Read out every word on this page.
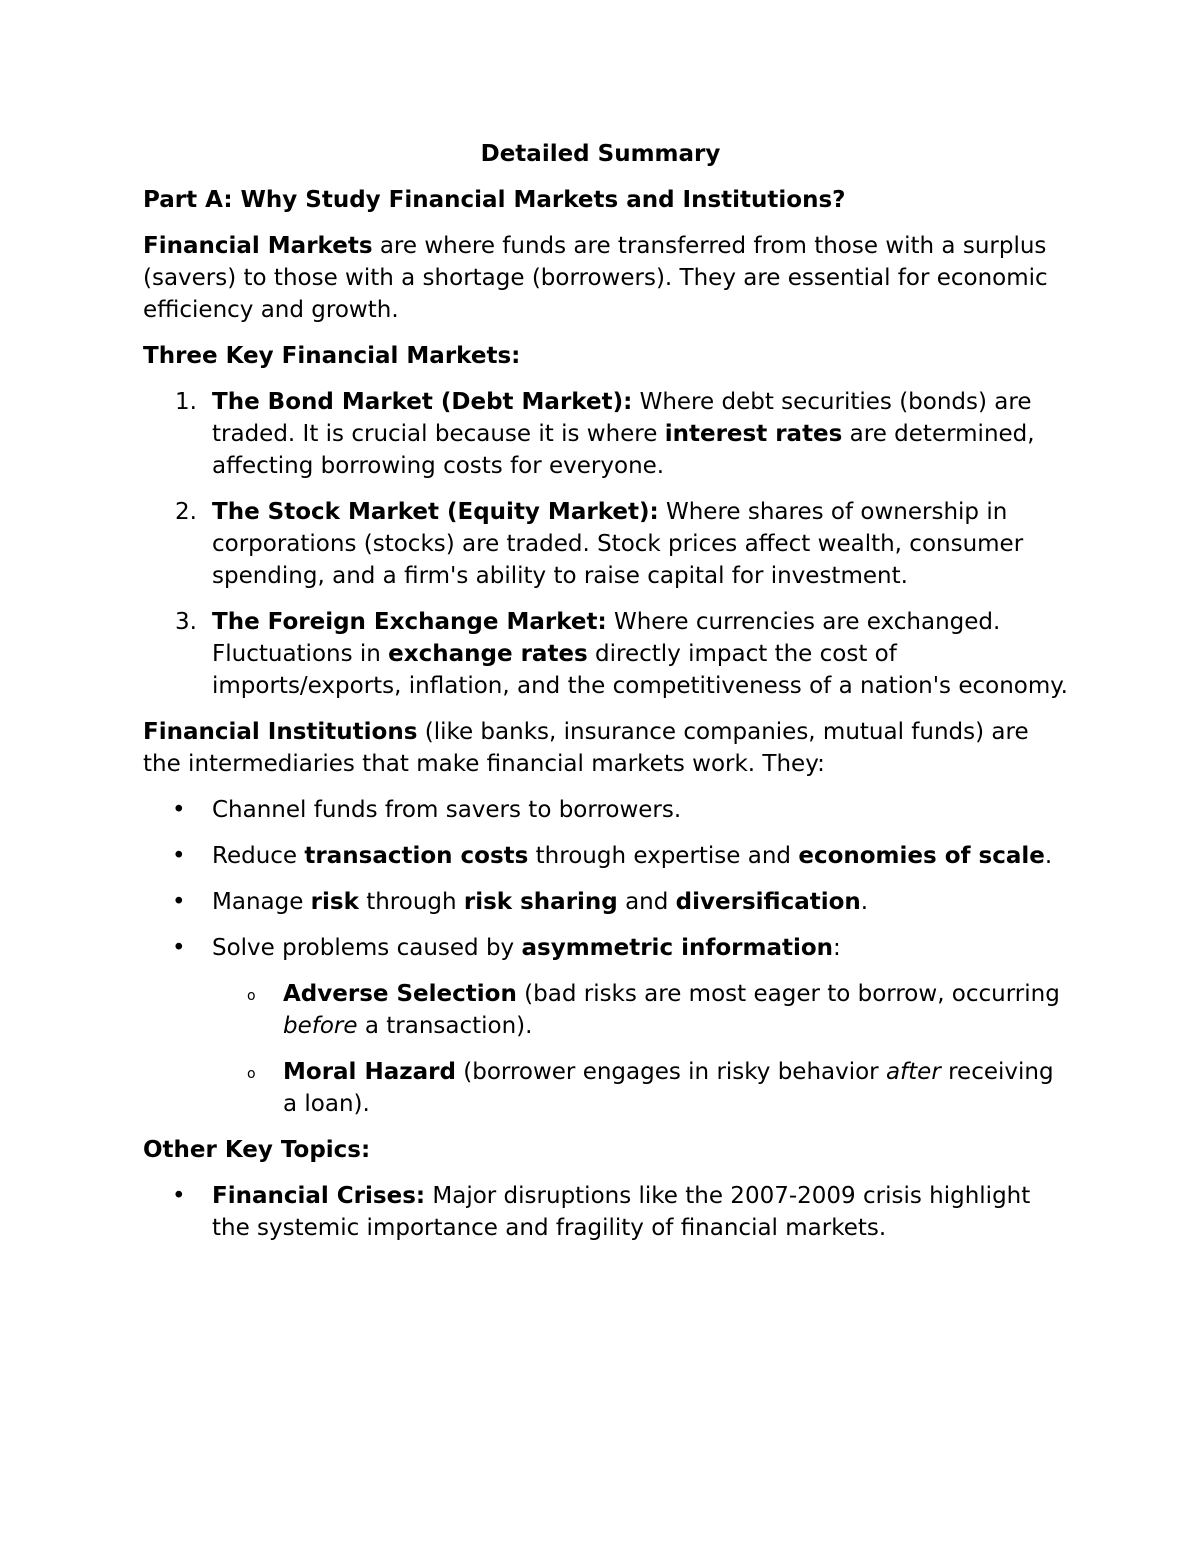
Detailed Summary
Part A: Why Study Financial Markets and Institutions?

Financial Markets are where funds are transferred from those with a surplus (savers) to those with a shortage (borrowers). They are essential for economic efficiency and growth.

Three Key Financial Markets:
1. The Bond Market (Debt Market): Where debt securities (bonds) are traded. It is crucial because it is where interest rates are determined, affecting borrowing costs for everyone.
2. The Stock Market (Equity Market): Where shares of ownership in corporations (stocks) are traded. Stock prices affect wealth, consumer spending, and a firm's ability to raise capital for investment.
3. The Foreign Exchange Market: Where currencies are exchanged. Fluctuations in exchange rates directly impact the cost of imports/exports, inflation, and the competitiveness of a nation's economy.

Financial Institutions (like banks, insurance companies, mutual funds) are the intermediaries that make financial markets work. They:

• Channel funds from savers to borrowers.
• Reduce transaction costs through expertise and economies of scale.
• Manage risk through risk sharing and diversification.
• Solve problems caused by asymmetric information:
o Adverse Selection (bad risks are most eager to borrow, occurring before a transaction).
o Moral Hazard (borrower engages in risky behavior after receiving a loan).
Other Key Topics:
• Financial Crises: Major disruptions like the 2007-2009 crisis highlight the systemic importance and fragility of financial markets.
